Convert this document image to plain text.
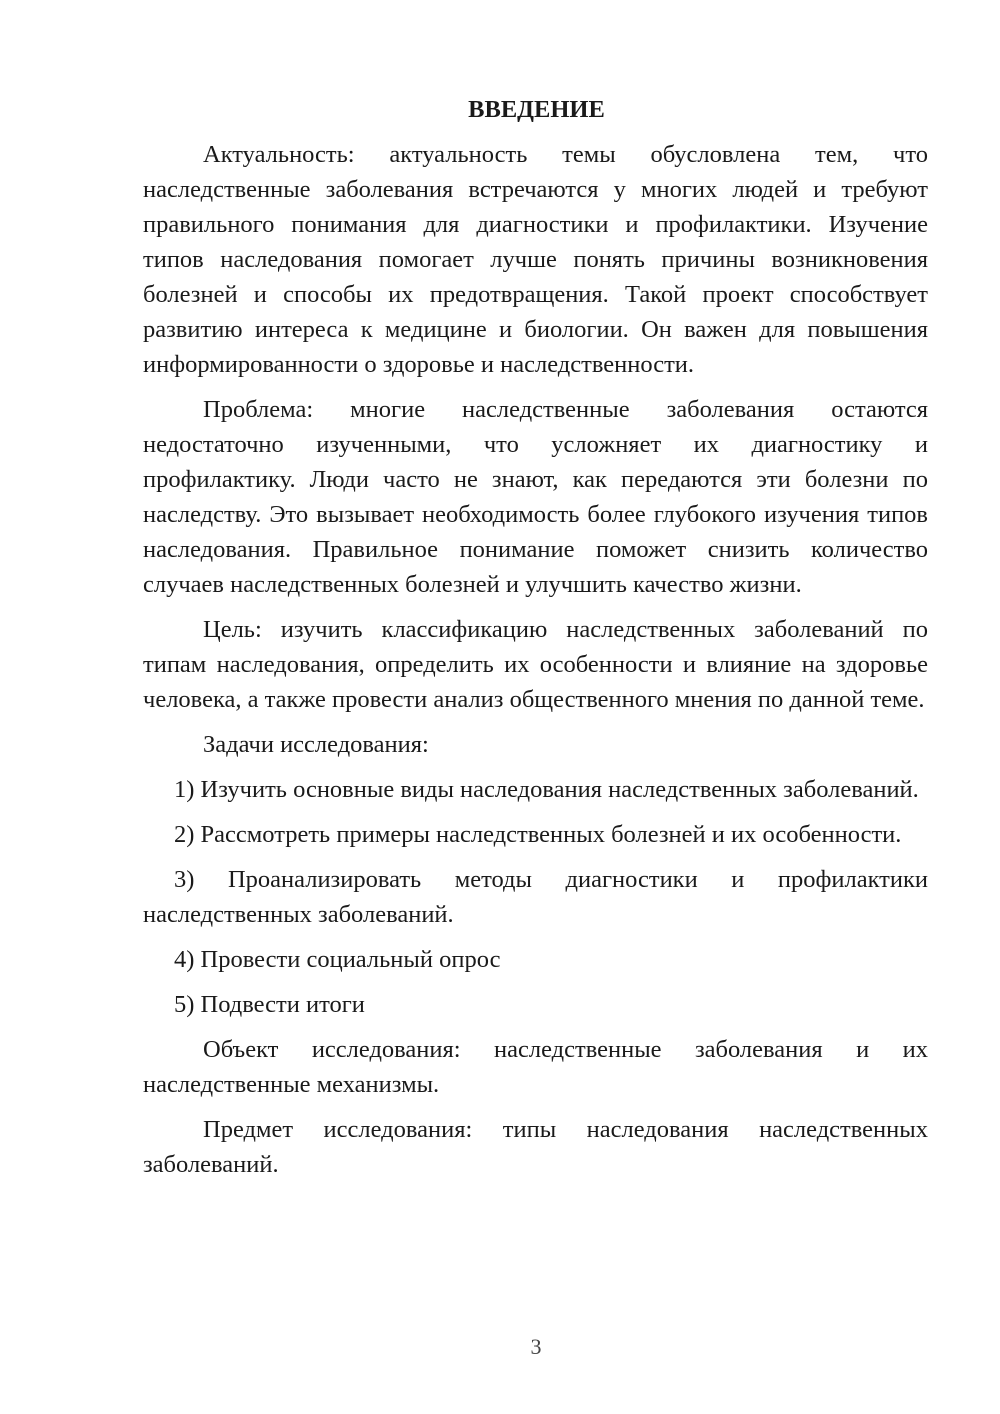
ВВЕДЕНИЕ

Актуальность: актуальность темы обусловлена тем, что наследственные заболевания встречаются у многих людей и требуют правильного понимания для диагностики и профилактики. Изучение типов наследования помогает лучше понять причины возникновения болезней и способы их предотвращения. Такой проект способствует развитию интереса к медицине и биологии. Он важен для повышения информированности о здоровье и наследственности.

Проблема: многие наследственные заболевания остаются недостаточно изученными, что усложняет их диагностику и профилактику. Люди часто не знают, как передаются эти болезни по наследству. Это вызывает необходимость более глубокого изучения типов наследования. Правильное понимание поможет снизить количество случаев наследственных болезней и улучшить качество жизни.

Цель: изучить классификацию наследственных заболеваний по типам наследования, определить их особенности и влияние на здоровье человека, а также провести анализ общественного мнения по данной теме.

Задачи исследования:

1) Изучить основные виды наследования наследственных заболеваний.

2) Рассмотреть примеры наследственных болезней и их особенности.

3) Проанализировать методы диагностики и профилактики наследственных заболеваний.

4) Провести социальный опрос

5) Подвести итоги

Объект исследования: наследственные заболевания и их наследственные механизмы.

Предмет исследования: типы наследования наследственных заболеваний.

3
